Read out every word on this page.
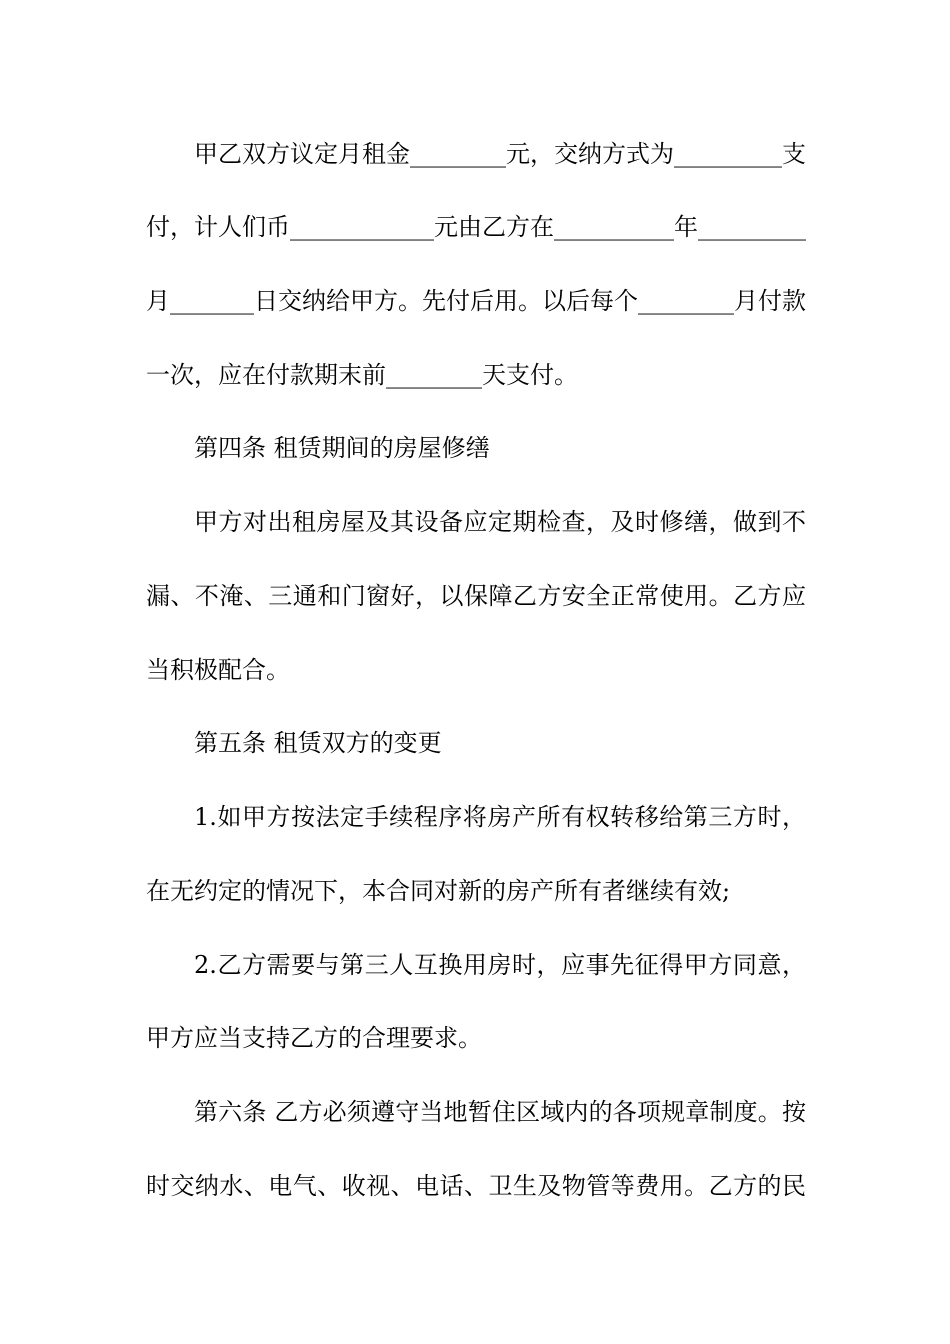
甲乙双方议定月租金________元，交纳方式为_________支
付，计人们币____________元由乙方在__________年_________
月_______日交纳给甲方。先付后用。以后每个________月付款
一次，应在付款期末前________天支付。
第四条 租赁期间的房屋修缮
甲方对出租房屋及其设备应定期检查，及时修缮，做到不
漏、不淹、三通和门窗好，以保障乙方安全正常使用。乙方应
当积极配合。
第五条 租赁双方的变更
1.如甲方按法定手续程序将房产所有权转移给第三方时，
在无约定的情况下，本合同对新的房产所有者继续有效;
2.乙方需要与第三人互换用房时，应事先征得甲方同意，
甲方应当支持乙方的合理要求。
第六条 乙方必须遵守当地暂住区域内的各项规章制度。按
时交纳水、电气、收视、电话、卫生及物管等费用。乙方的民
